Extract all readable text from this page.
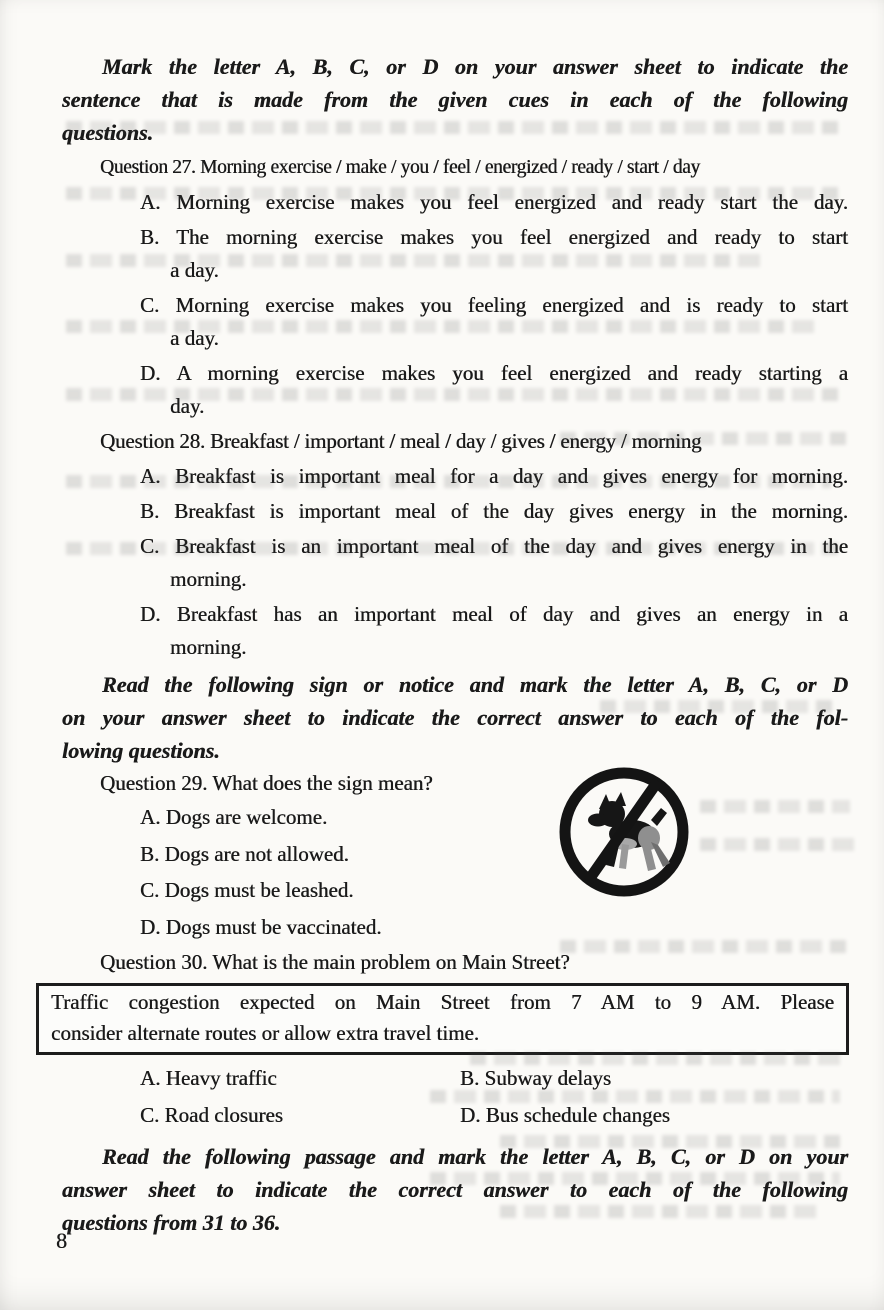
Mark the letter A, B, C, or D on your answer sheet to indicate the
sentence that is made from the given cues in each of the following
questions.
Question 27. Morning exercise / make / you / feel / energized / ready / start / day
A. Morning exercise makes you feel energized and ready start the day.
B. The morning exercise makes you feel energized and ready to start
a day.
C. Morning exercise makes you feeling energized and is ready to start
a day.
D. A morning exercise makes you feel energized and ready starting a
day.
Question 28. Breakfast / important / meal / day / gives / energy / morning
A. Breakfast is important meal for a day and gives energy for morning.
B. Breakfast is important meal of the day gives energy in the morning.
C. Breakfast is an important meal of the day and gives energy in the
morning.
D. Breakfast has an important meal of day and gives an energy in a
morning.
Read the following sign or notice and mark the letter A, B, C, or D
on your answer sheet to indicate the correct answer to each of the fol-
lowing questions.
Question 29. What does the sign mean?
A. Dogs are welcome.
B. Dogs are not allowed.
C. Dogs must be leashed.
D. Dogs must be vaccinated.
Question 30. What is the main problem on Main Street?
Traffic congestion expected on Main Street from 7 AM to 9 AM. Please
consider alternate routes or allow extra travel time.
A. Heavy traffic	B. Subway delays
C. Road closures	D. Bus schedule changes
Read the following passage and mark the letter A, B, C, or D on your
answer sheet to indicate the correct answer to each of the following
questions from 31 to 36.
8
